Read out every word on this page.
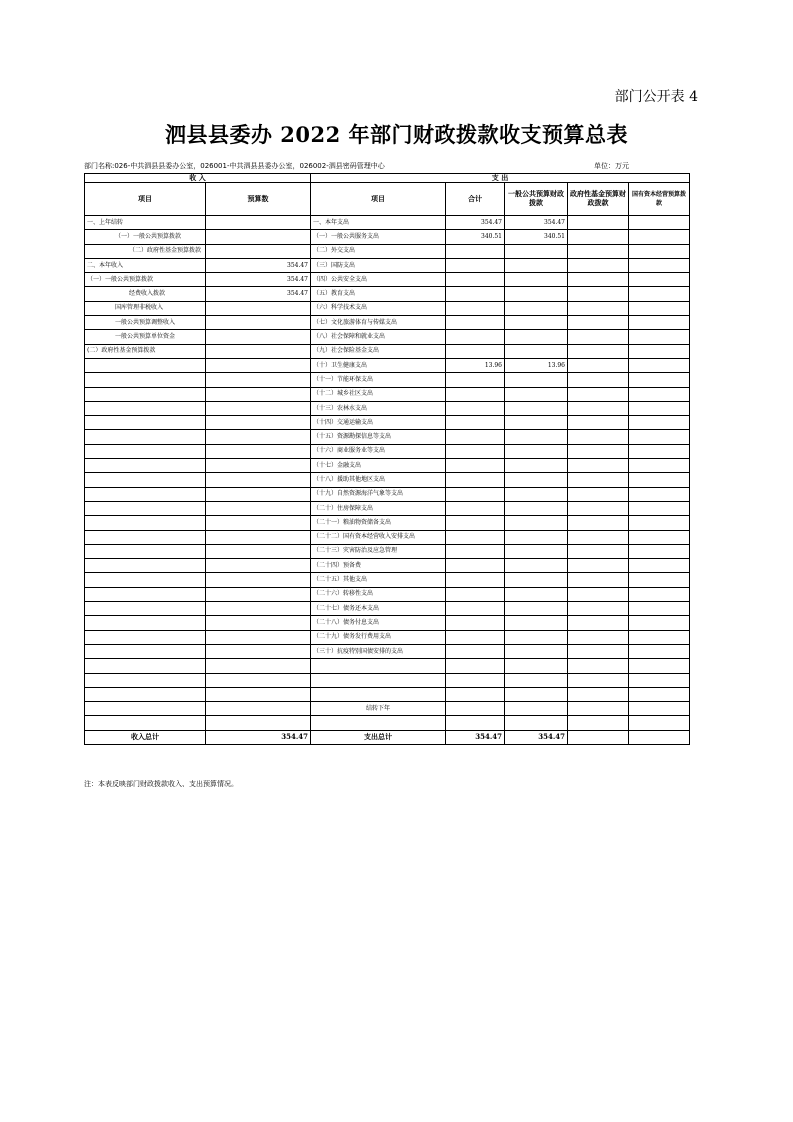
部门公开表 4
泗县县委办 2022 年部门财政拨款收支预算总表
部门名称:026-中共泗县县委办公室，026001-中共泗县县委办公室，026002-泗县密码管理中心	单位：万元
收 入		支 出				
项目	预算数	项目	合计	一般公共预算财政拨款	政府性基金预算财政拨款	国有资本经营预算拨款
一、上年结转		一、本年支出	354.47	354.47		
（一）一般公共预算拨款		（一）一般公共服务支出	340.51	340.51		
（二）政府性基金预算拨款		（二）外交支出				
二、本年收入	354.47	（三）国防支出				
（一）一般公共预算拨款	354.47	（四）公共安全支出				
经费收入拨款	354.47	（五）教育支出				
国库管理非税收入		（六）科学技术支出				
一般公共预算调整收入		（七）文化旅游体育与传媒支出				
一般公共预算单位资金		（八）社会保障和就业支出				
(二）政府性基金预算拨款		（九）社会保险基金支出				
		（十）卫生健康支出	13.96	13.96		
		（十一）节能环保支出				
		（十二）城乡社区支出				
		（十三）农林水支出				
		（十四）交通运输支出				
		（十五）资源勘探信息等支出				
		（十六）商业服务业等支出				
		（十七）金融支出				
		（十八）援助其他地区支出				
		（十九）自然资源海洋气象等支出				
		（二十）住房保障支出				
		（二十一）粮油物资储备支出				
		（二十二）国有资本经营收入安排支出				
		（二十三）灾害防治及应急管理				
		（二十四）预备费				
		（二十五）其他支出				
		（二十六）转移性支出				
		（二十七）债务还本支出				
		（二十八）债务付息支出				
		（二十九）债务发行费用支出				
		（三十）抗疫特别国债安排的支出				

		结转下年				

收入总计	354.47	支出总计	354.47	354.47		
注：本表反映部门财政拨款收入、支出预算情况。
